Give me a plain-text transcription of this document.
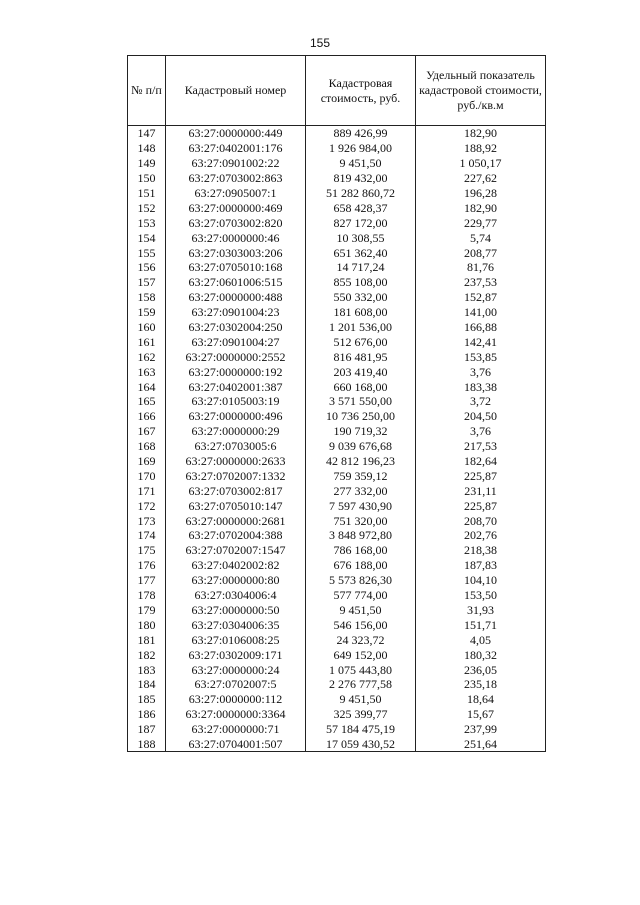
155
№ п/п	Кадастровый номер	Кадастровая стоимость, руб.	Удельный показатель кадастровой стоимости, руб./кв.м
147	63:27:0000000:449	889 426,99	182,90
148	63:27:0402001:176	1 926 984,00	188,92
149	63:27:0901002:22	9 451,50	1 050,17
150	63:27:0703002:863	819 432,00	227,62
151	63:27:0905007:1	51 282 860,72	196,28
152	63:27:0000000:469	658 428,37	182,90
153	63:27:0703002:820	827 172,00	229,77
154	63:27:0000000:46	10 308,55	5,74
155	63:27:0303003:206	651 362,40	208,77
156	63:27:0705010:168	14 717,24	81,76
157	63:27:0601006:515	855 108,00	237,53
158	63:27:0000000:488	550 332,00	152,87
159	63:27:0901004:23	181 608,00	141,00
160	63:27:0302004:250	1 201 536,00	166,88
161	63:27:0901004:27	512 676,00	142,41
162	63:27:0000000:2552	816 481,95	153,85
163	63:27:0000000:192	203 419,40	3,76
164	63:27:0402001:387	660 168,00	183,38
165	63:27:0105003:19	3 571 550,00	3,72
166	63:27:0000000:496	10 736 250,00	204,50
167	63:27:0000000:29	190 719,32	3,76
168	63:27:0703005:6	9 039 676,68	217,53
169	63:27:0000000:2633	42 812 196,23	182,64
170	63:27:0702007:1332	759 359,12	225,87
171	63:27:0703002:817	277 332,00	231,11
172	63:27:0705010:147	7 597 430,90	225,87
173	63:27:0000000:2681	751 320,00	208,70
174	63:27:0702004:388	3 848 972,80	202,76
175	63:27:0702007:1547	786 168,00	218,38
176	63:27:0402002:82	676 188,00	187,83
177	63:27:0000000:80	5 573 826,30	104,10
178	63:27:0304006:4	577 774,00	153,50
179	63:27:0000000:50	9 451,50	31,93
180	63:27:0304006:35	546 156,00	151,71
181	63:27:0106008:25	24 323,72	4,05
182	63:27:0302009:171	649 152,00	180,32
183	63:27:0000000:24	1 075 443,80	236,05
184	63:27:0702007:5	2 276 777,58	235,18
185	63:27:0000000:112	9 451,50	18,64
186	63:27:0000000:3364	325 399,77	15,67
187	63:27:0000000:71	57 184 475,19	237,99
188	63:27:0704001:507	17 059 430,52	251,64
